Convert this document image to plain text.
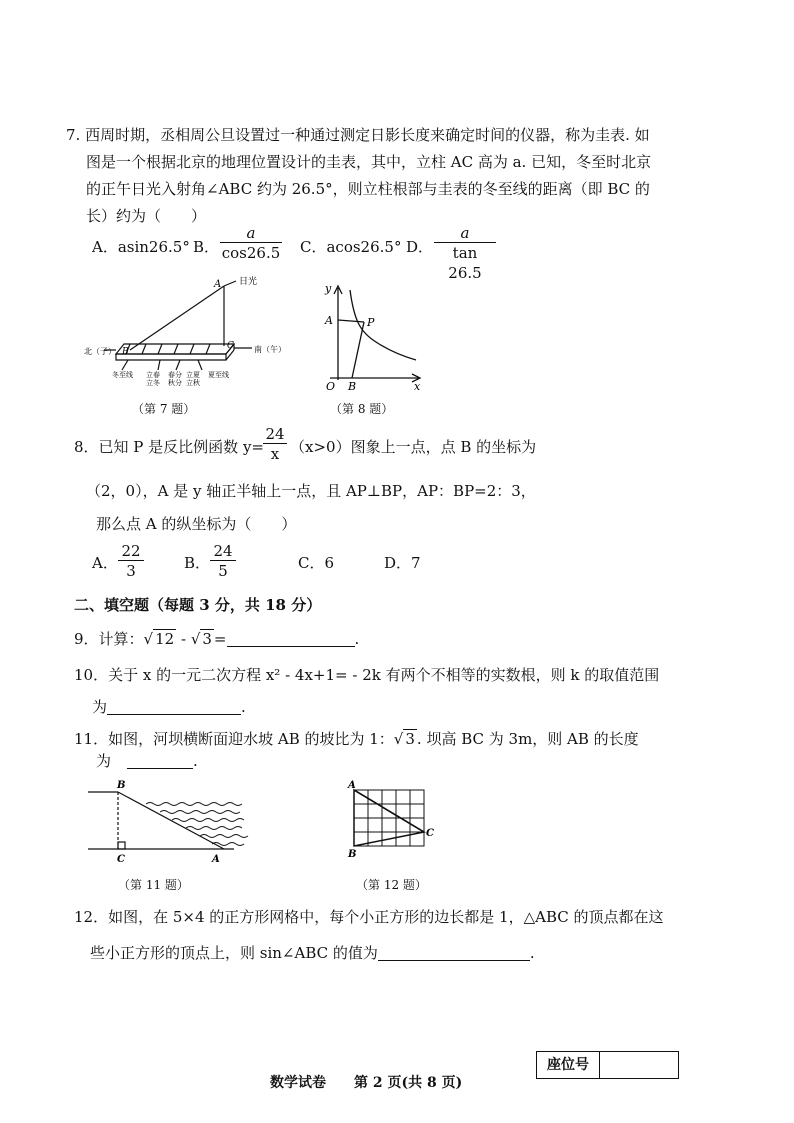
7. 西周时期，丞相周公旦设置过一种通过测定日影长度来确定时间的仪器，称为圭表. 如
图是一个根据北京的地理位置设计的圭表，其中，立柱 AC 高为 a. 已知，冬至时北京
的正午日光入射角∠ABC 约为 26.5°，则立柱根部与圭表的冬至线的距离（即 BC 的
长）约为（　　）
A．asin26.5° B．
a
cos26.5 C．acos26.5° D．
a
tan 26.5
A 日光
B
C
北（子）	南（午）
冬至线 立春
立冬
春分
秋分
立夏
立秋
夏至线
（第 7 题）
y
x
O
A
B
P
（第 8 题）
8．已知 P 是反比例函数 y=
24
x （x>0）图象上一点，点 B 的坐标为
（2，0），A 是 y 轴正半轴上一点，且 AP⊥BP，AP：BP=2：3，
那么点 A 的纵坐标为（　　）
A．
22
3	B．
24
5	C．6	D．7
二、填空题（每题 3 分，共 18 分）
9．计算：√ 12 - √ 3 =	.
10．关于 x 的一元二次方程 x² - 4x+1= - 2k 有两个不相等的实数根，则 k 的取值范围
为	.
11．如图，河坝横断面迎水坡 AB 的坡比为 1：√ 3 . 坝高 BC 为 3m，则 AB 的长度
为	.
B
C	A
（第 11 题）
A
B
C
（第 12 题）
12．如图，在 5×4 的正方形网格中，每个小正方形的边长都是 1，△ABC 的顶点都在这
些小正方形的顶点上，则 sin∠ABC 的值为	.
座位号
数学试卷　　第 2 页(共 8 页)
